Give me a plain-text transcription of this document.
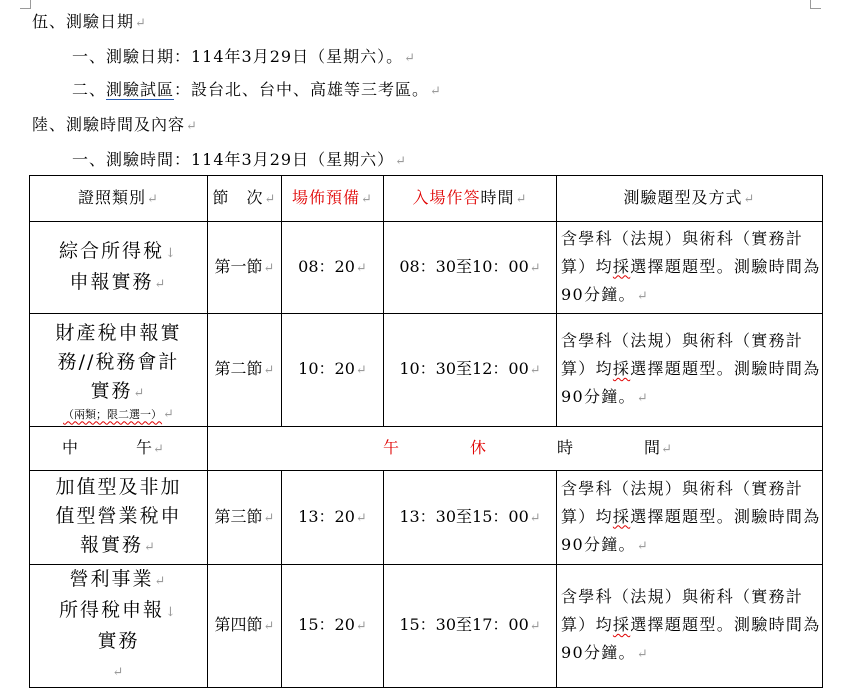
伍、測驗日期↵
一、測驗日期：114年3月29日（星期六）。↵
二、測驗試區：設台北、台中、高雄等三考區。↵
陸、測驗時間及內容↵
一、測驗時間：114年3月29日（星期六）↵
證照類別↵	節　次↵	場佈預備↵	入場作答時間↵	測驗題型及方式↵

綜合所得稅↓
申報實務↵	第一節↵	08：20↵	08：30至10：00↵	含學科（法規）與術科（實務計算）均採選擇題題型。測驗時間為90分鐘。↵

財產稅申報實
務//稅務會計
實務↵
（兩類；限二選一）↵	第二節↵	10：20↵	10：30至12：00↵	含學科（法規）與術科（實務計算）均採選擇題題型。測驗時間為90分鐘。↵
中 午↵	午 休 時 間↵			

加值型及非加
值型營業稅申
報實務↵	第三節↵	13：20↵	13：30至15：00↵	含學科（法規）與術科（實務計算）均採選擇題題型。測驗時間為90分鐘。↵

營利事業↵
所得稅申報↓
實務
↵	第四節↵	15：20↵	15：30至17：00↵	含學科（法規）與術科（實務計算）均採選擇題題型。測驗時間為90分鐘。↵
